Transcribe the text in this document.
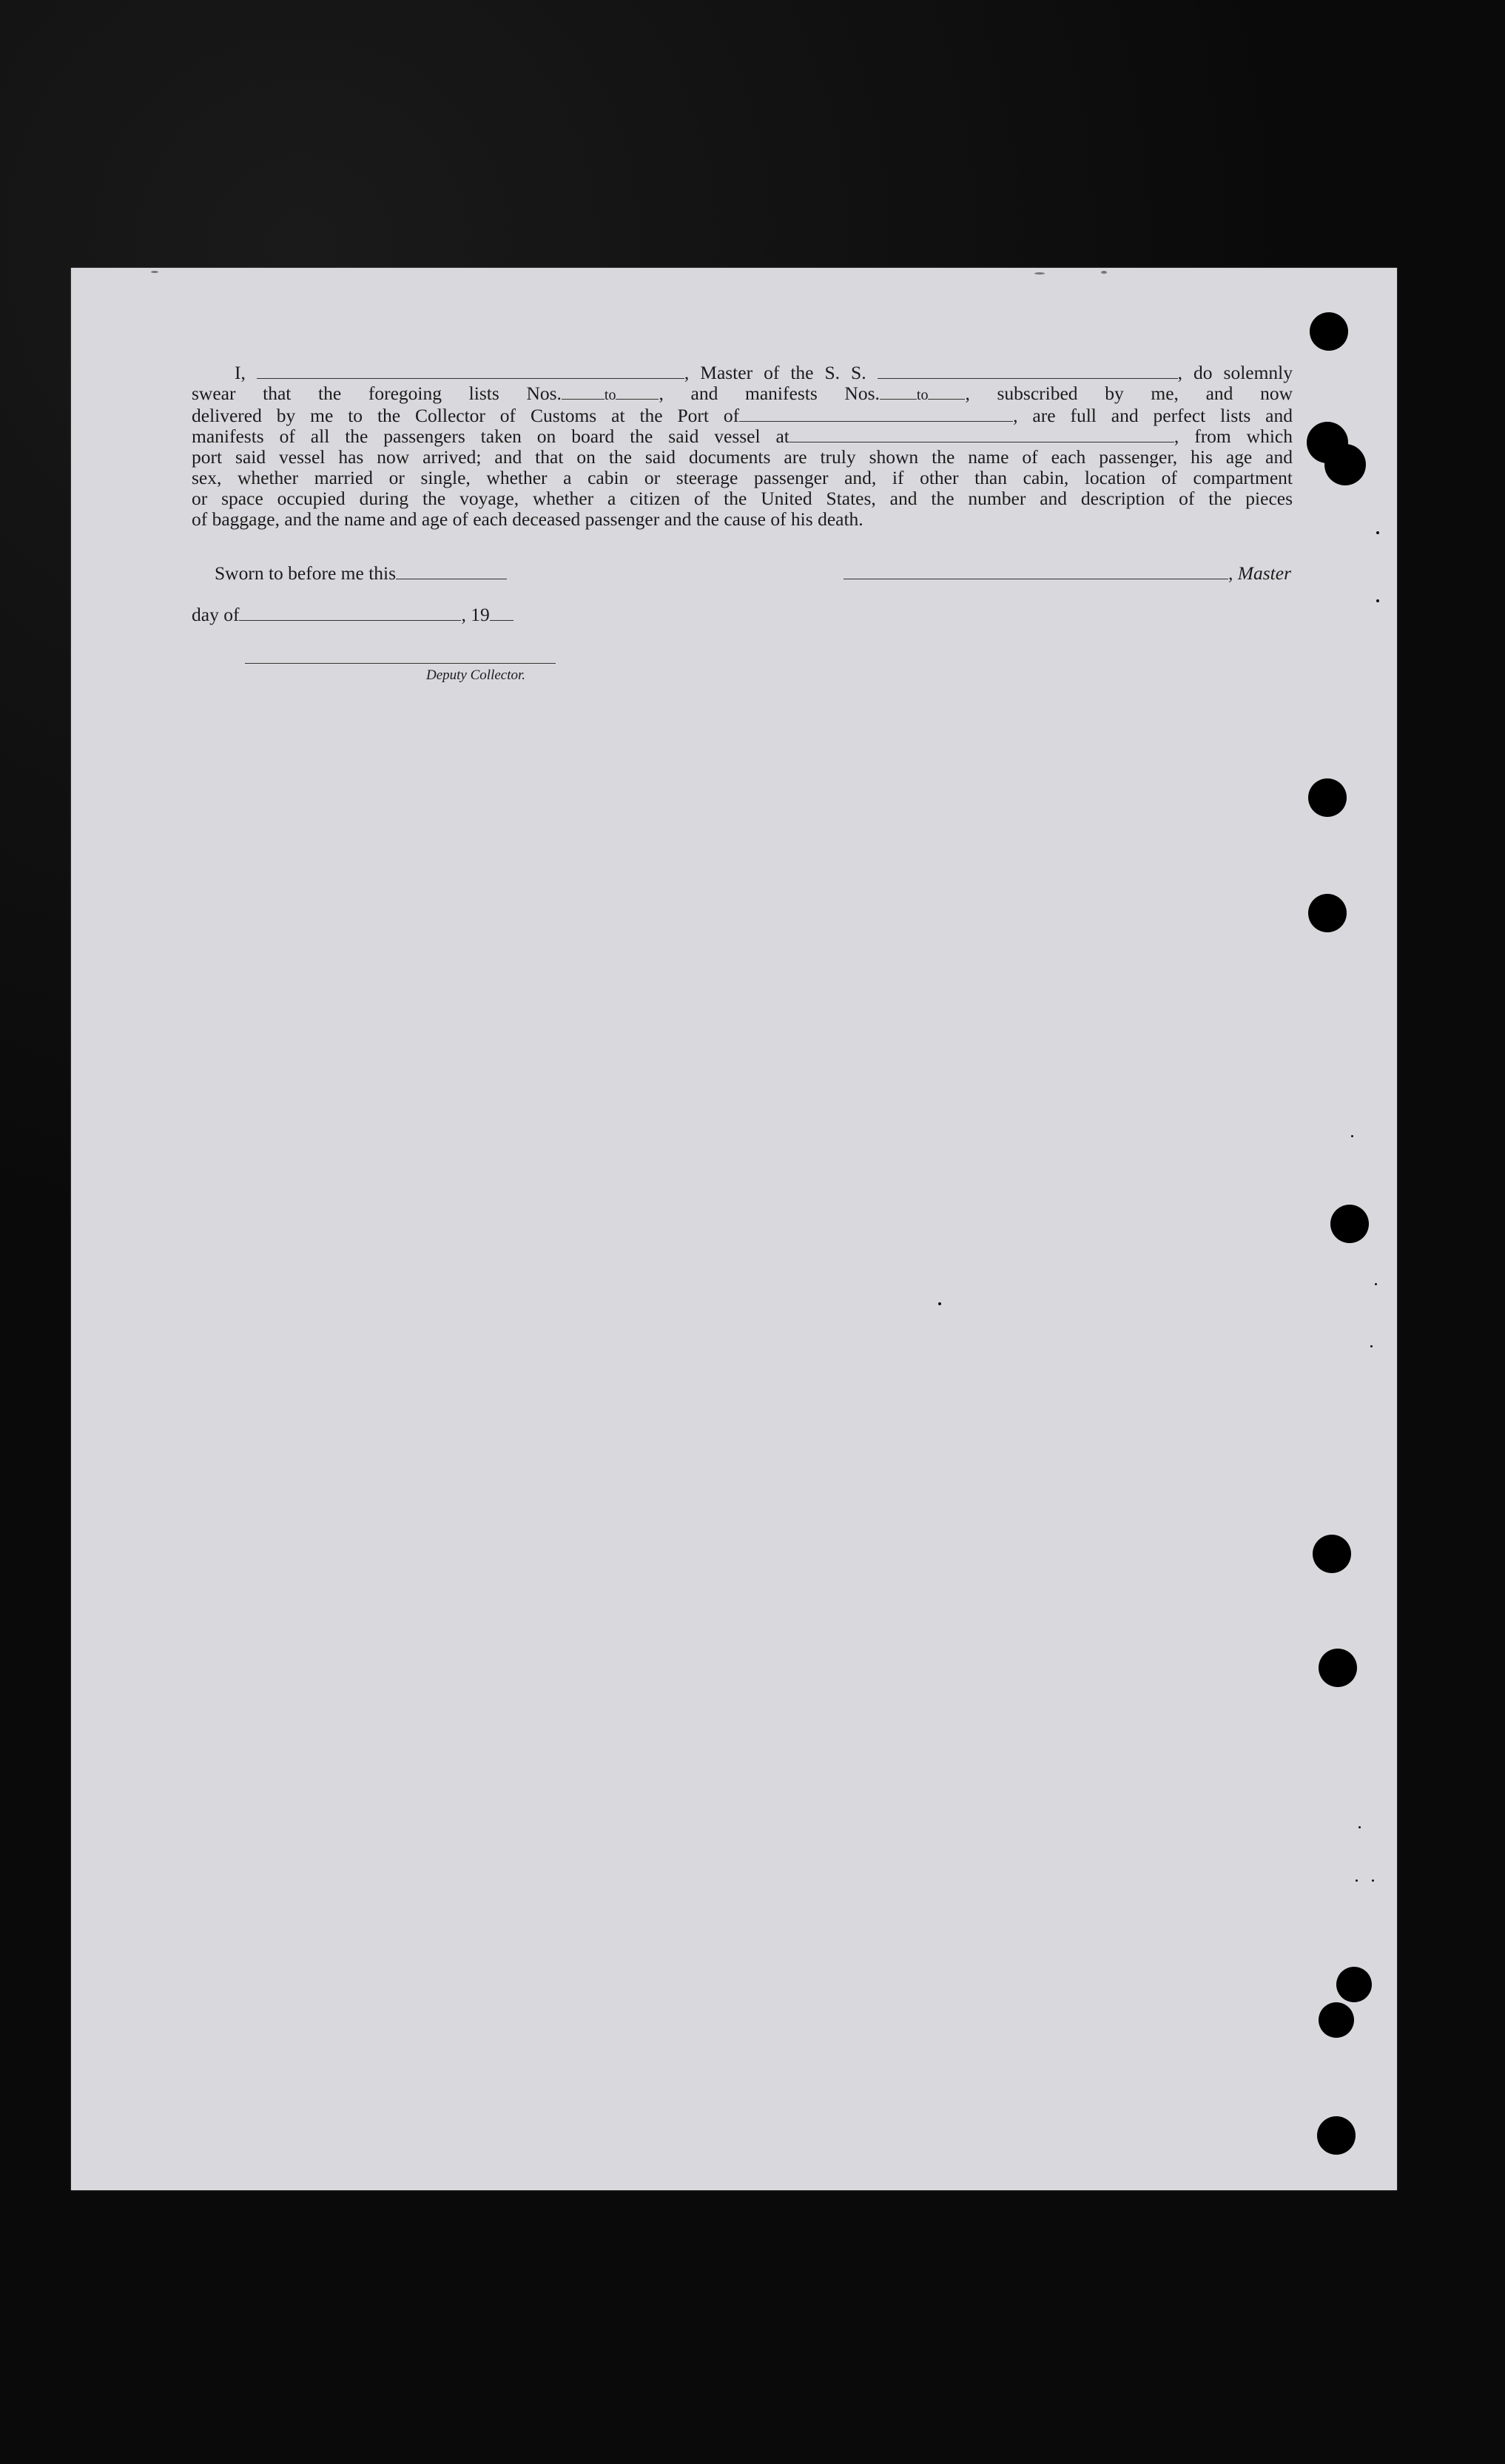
I,	, Master of the S. S.	, do solemnly
swear that the foregoing lists Nos.	to , and manifests Nos.	to , subscribed by me, and now
delivered by me to the Collector of Customs at the Port of	, are full and perfect lists and
manifests of all the passengers taken on board the said vessel at	, from which
port said vessel has now arrived; and that on the said documents are truly shown the name of each passenger, his age and
sex, whether married or single, whether a cabin or steerage passenger and, if other than cabin, location of compartment
or space occupied during the voyage, whether a citizen of the United States, and the number and description of the pieces
of baggage, and the name and age of each deceased passenger and the cause of his death.
Sworn to before me this	, Master
day of	, 19
Deputy Collector.
